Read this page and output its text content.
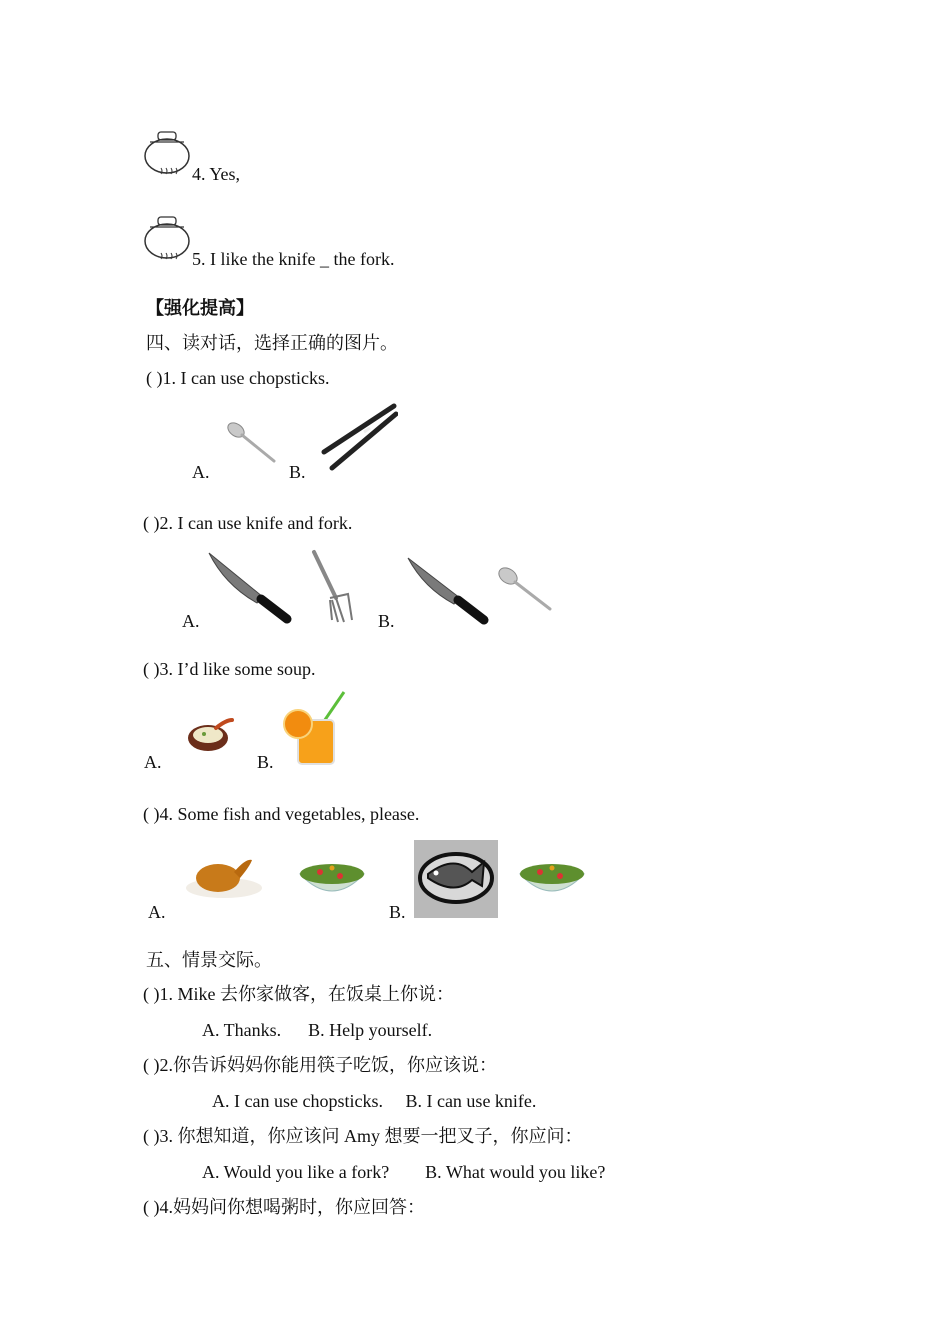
4. Yes,
5. I like the knife _ the fork.
【强化提高】
四、读对话，选择正确的图片。
( )1. I can use chopsticks.
A.	B.
( )2. I can use knife and fork.
A.	B.
( )3. I’d like some soup.
A.	B.
( )4. Some fish and vegetables, please.
A.	B.
五、情景交际。
( )1. Mike 去你家做客，在饭桌上你说：
A. Thanks.      B. Help yourself.
( )2.你告诉妈妈你能用筷子吃饭，你应该说：
A. I can use chopsticks.     B. I can use knife.
( )3. 你想知道，你应该问 Amy 想要一把叉子，你应问：
A. Would you like a fork?        B. What would you like?
( )4.妈妈问你想喝粥时，你应回答：
